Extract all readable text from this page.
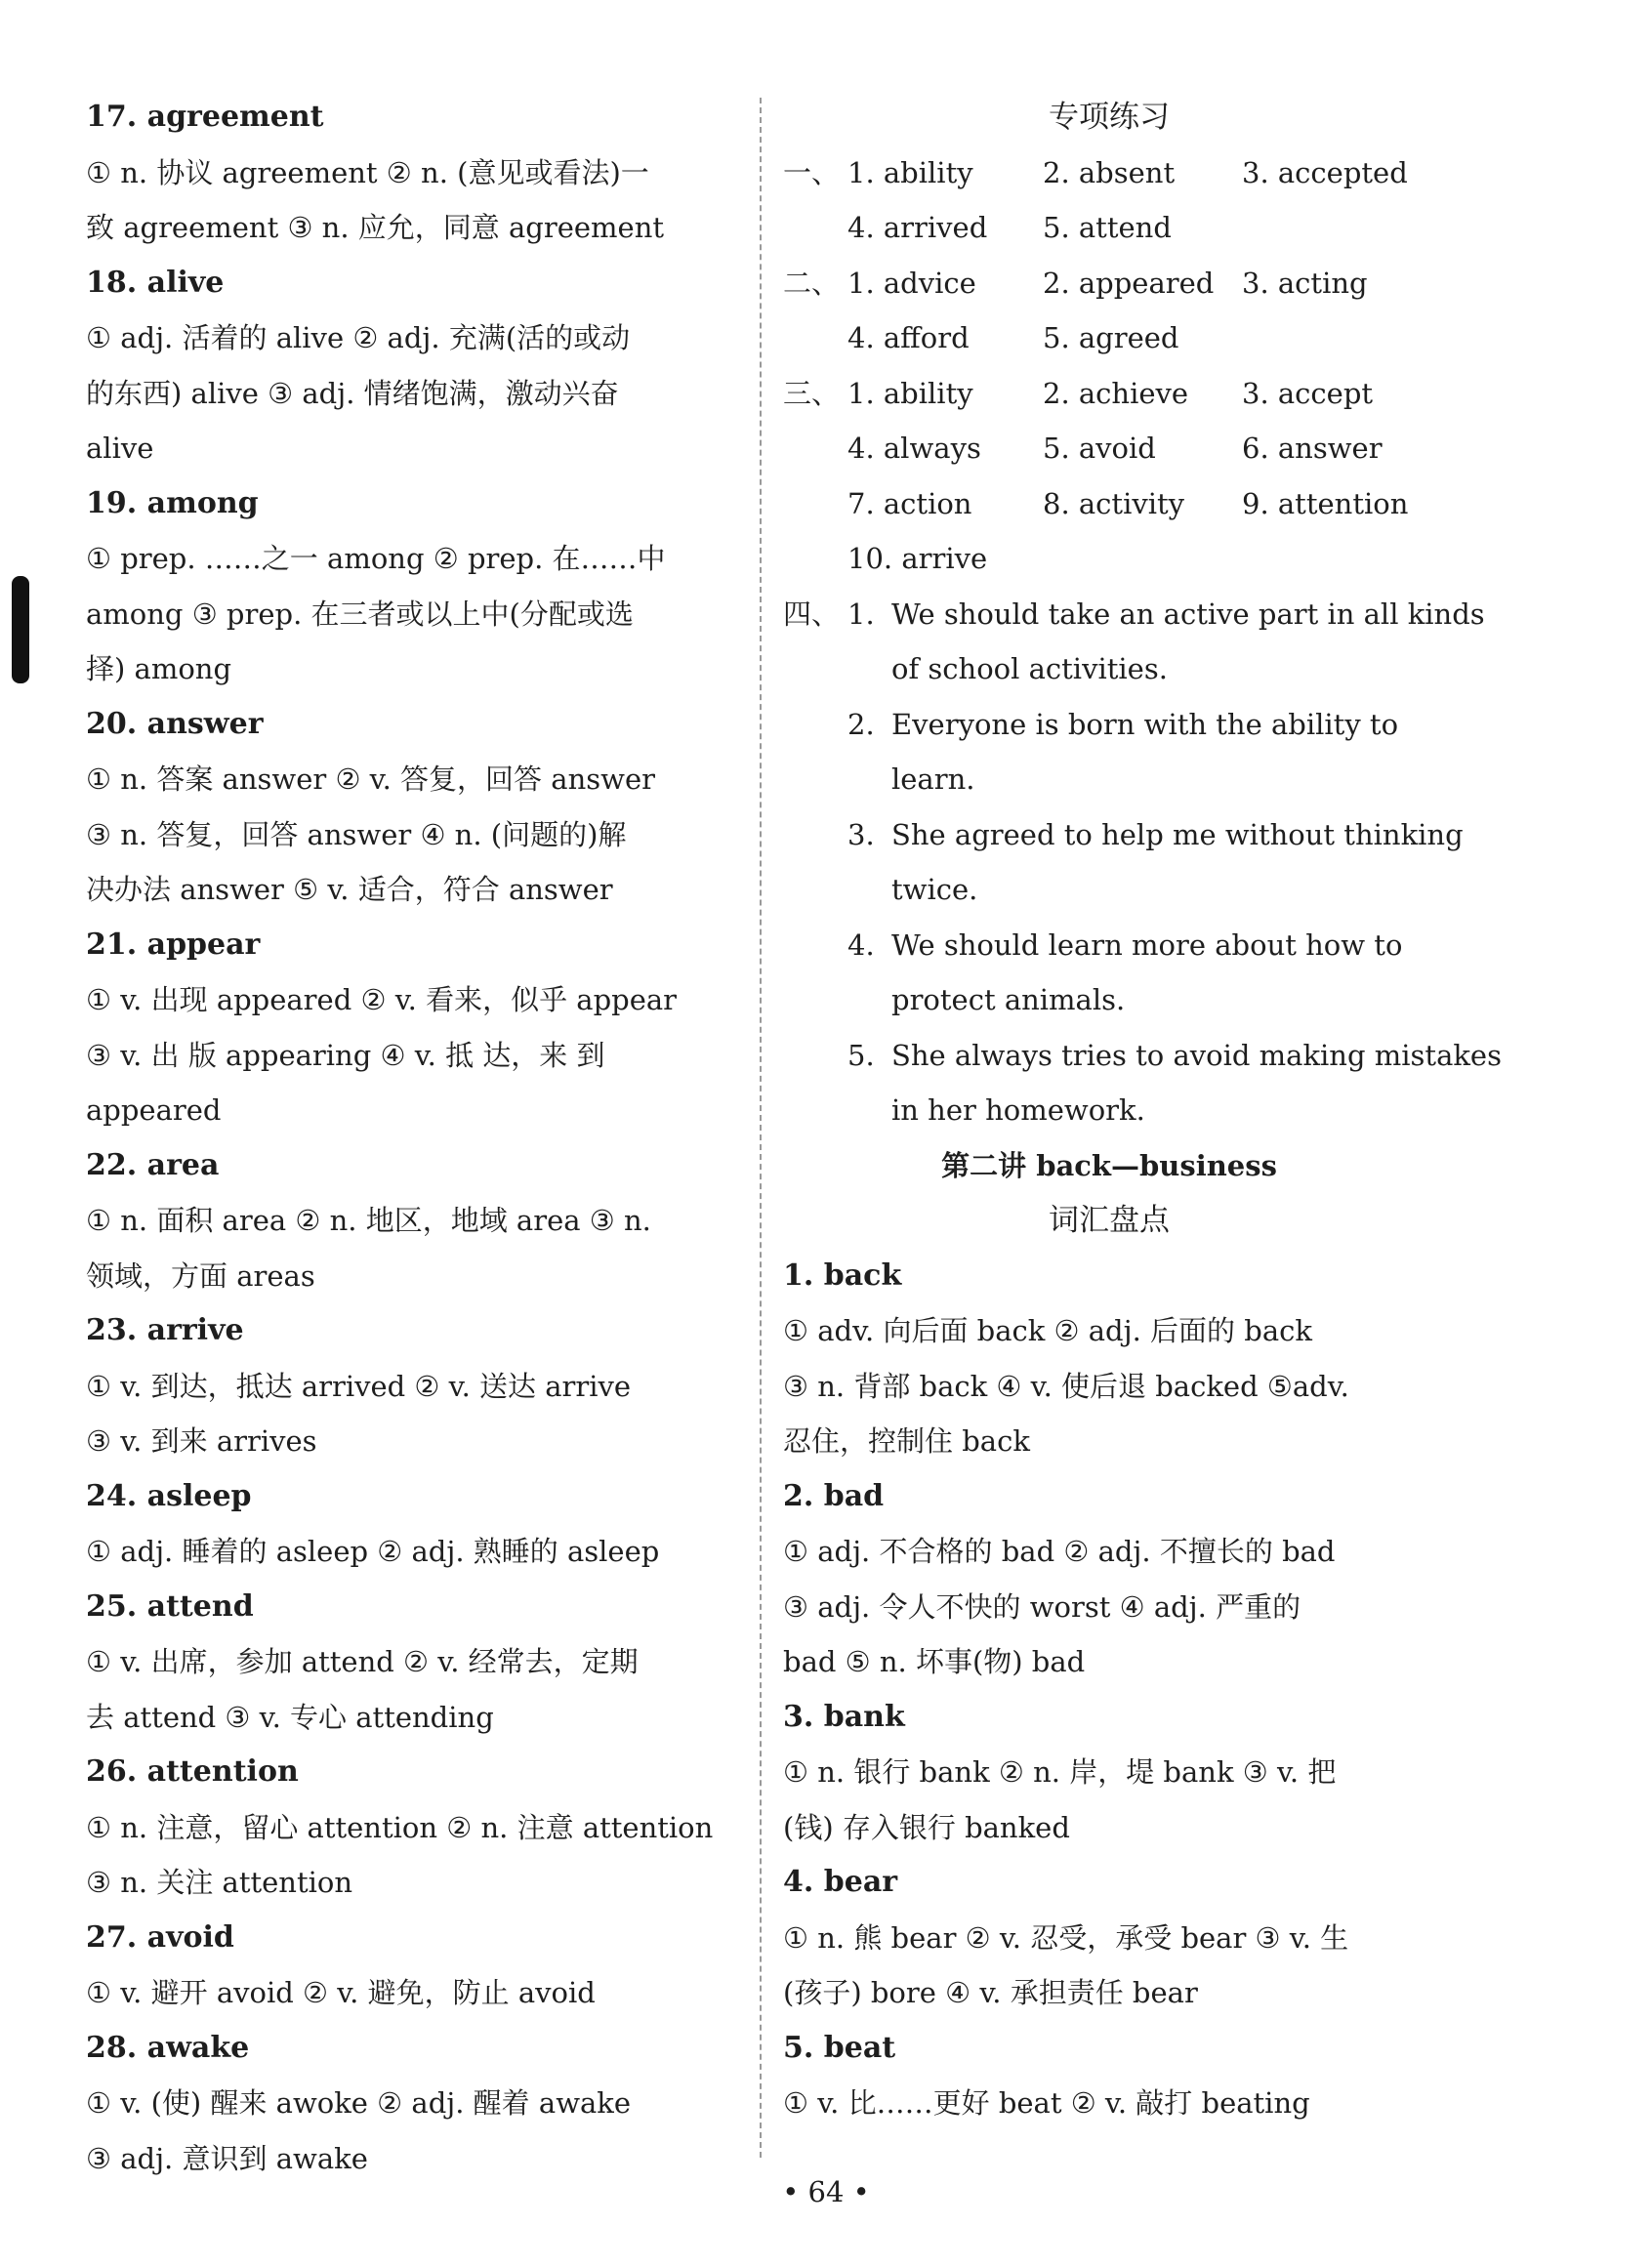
17. agreement
① n. 协议 agreement ② n. (意见或看法)一
致 agreement ③ n. 应允，同意 agreement
18. alive
① adj. 活着的 alive ② adj. 充满(活的或动
的东西) alive ③ adj. 情绪饱满，激动兴奋
alive
19. among
① prep. ……之一 among ② prep. 在……中
among ③ prep. 在三者或以上中(分配或选
择) among
20. answer
① n. 答案 answer ② v. 答复，回答 answer
③ n. 答复，回答 answer ④ n. (问题的)解
决办法 answer ⑤ v. 适合，符合 answer
21. appear
① v. 出现 appeared ② v. 看来，似乎 appear
③ v. 出 版 appearing ④ v. 抵 达，来 到
appeared
22. area
① n. 面积 area ② n. 地区，地域 area ③ n.
领域，方面 areas
23. arrive
① v. 到达，抵达 arrived ② v. 送达 arrive
③ v. 到来 arrives
24. asleep
① adj. 睡着的 asleep ② adj. 熟睡的 asleep
25. attend
① v. 出席，参加 attend ② v. 经常去，定期
去 attend ③ v. 专心 attending
26. attention
① n. 注意，留心 attention ② n. 注意 attention
③ n. 关注 attention
27. avoid
① v. 避开 avoid ② v. 避免，防止 avoid
28. awake
① v. (使) 醒来 awoke ② adj. 醒着 awake
③ adj. 意识到 awake
专项练习
一、 1. ability 2. absent 3. accepted
4. arrived 5. attend
二、 1. advice 2. appeared 3. acting
4. afford	5. agreed
三、 1. ability 2. achieve 3. accept
4. always 5. avoid	6. answer
7. action	8. activity 9. attention
10. arrive
四、 1. We should take an active part in all kinds
of school activities.
2. Everyone is born with the ability to
learn.
3. She agreed to help me without thinking
twice.
4. We should learn more about how to
protect animals.
5. She always tries to avoid making mistakes
in her homework.
第二讲 back—business
词汇盘点
1. back
① adv. 向后面 back ② adj. 后面的 back
③ n. 背部 back ④ v. 使后退 backed ⑤adv.
忍住，控制住 back
2. bad
① adj. 不合格的 bad ② adj. 不擅长的 bad
③ adj. 令人不快的 worst ④ adj. 严重的
bad ⑤ n. 坏事(物) bad
3. bank
① n. 银行 bank ② n. 岸，堤 bank ③ v. 把
(钱) 存入银行 banked
4. bear
① n. 熊 bear ② v. 忍受，承受 bear ③ v. 生
(孩子) bore ④ v. 承担责任 bear
5. beat
① v. 比……更好 beat ② v. 敲打 beating
• 64 •
